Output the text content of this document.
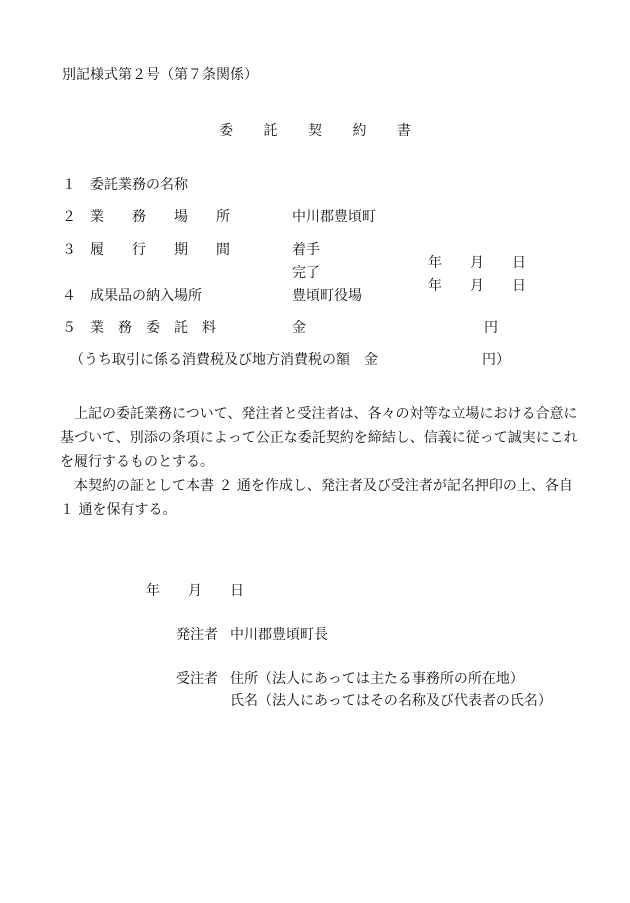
別記様式第２号（第７条関係）
委 託 契 約 書
１　委託業務の名称
２　業　　務　　場　　所	中川郡豊頃町
３　履　　行　　期　　間	着手
年 月 日
完了
年 月 日
４　成果品の納入場所	豊頃町役場
５　業　務　委　託　料	金	円
（うち取引に係る消費税及び地方消費税の額　金	円）
上記の委託業務について、発注者と受注者は、各々の対等な立場における合意に基づいて、別添の条項によって公正な委託契約を締結し、信義に従って誠実にこれを履行するものとする。
本契約の証として本書 ２ 通を作成し、発注者及び受注者が記名押印の上、各自 １ 通を保有する。
年 月 日
発注者 中川郡豊頃町長
受注者 住所（法人にあっては主たる事務所の所在地）
氏名（法人にあってはその名称及び代表者の氏名）
